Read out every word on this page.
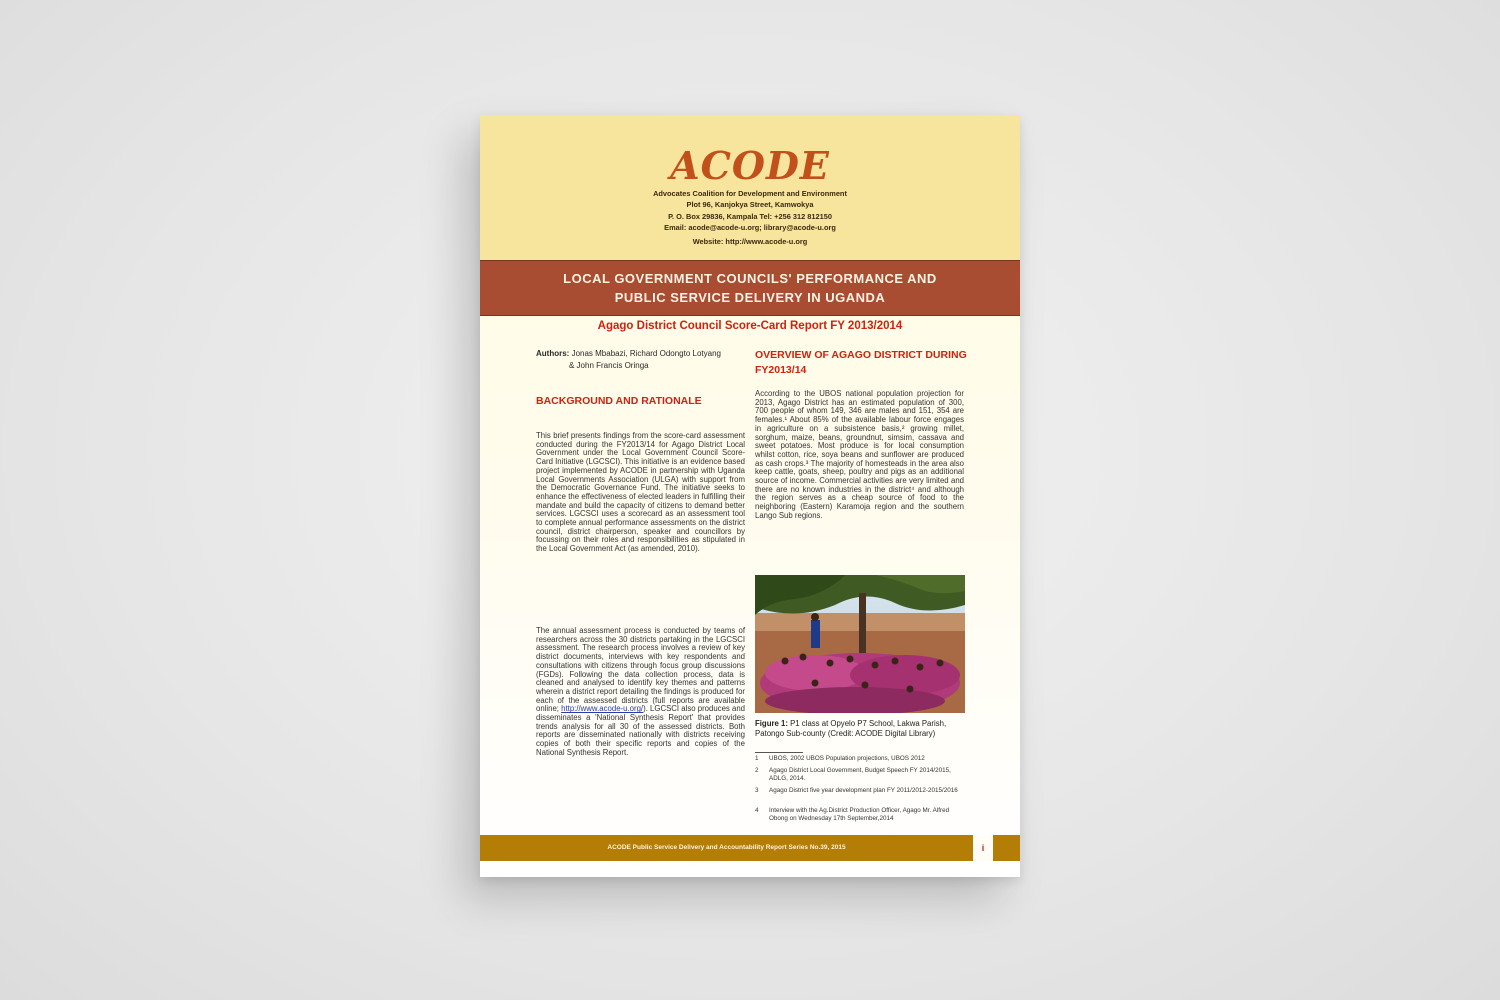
ACODE
Advocates Coalition for Development and Environment
Plot 96, Kanjokya Street, Kamwokya
P. O. Box 29836, Kampala Tel: +256 312 812150
Email: acode@acode-u.org; library@acode-u.org
Website: http://www.acode-u.org
LOCAL GOVERNMENT COUNCILS' PERFORMANCE AND
PUBLIC SERVICE DELIVERY IN UGANDA
Agago District Council Score-Card Report FY 2013/2014
Authors: Jonas Mbabazi, Richard Odongto Lotyang
& John Francis Oringa
BACKGROUND AND RATIONALE
This brief presents findings from the score-card assessment conducted during the FY2013/14 for Agago District Local Government under the Local Government Council Score-Card Initiative (LGCSCI). This initiative is an evidence based project implemented by ACODE in partnership with Uganda Local Governments Association (ULGA) with support from the Democratic Governance Fund. The initiative seeks to enhance the effectiveness of elected leaders in fulfilling their mandate and build the capacity of citizens to demand better services. LGCSCI uses a scorecard as an assessment tool to complete annual performance assessments on the district council, district chairperson, speaker and councillors by focussing on their roles and responsibilities as stipulated in the Local Government Act (as amended, 2010).
The annual assessment process is conducted by teams of researchers across the 30 districts partaking in the LGCSCI assessment. The research process involves a review of key district documents, interviews with key respondents and consultations with citizens through focus group discussions (FGDs). Following the data collection process, data is cleaned and analysed to identify key themes and patterns wherein a district report detailing the findings is produced for each of the assessed districts (full reports are available online; http://www.acode-u.org/). LGCSCI also produces and disseminates a 'National Synthesis Report' that provides trends analysis for all 30 of the assessed districts. Both reports are disseminated nationally with districts receiving copies of both their specific reports and copies of the National Synthesis Report.
OVERVIEW OF AGAGO DISTRICT DURING
FY2013/14
According to the UBOS national population projection for 2013, Agago District has an estimated population of 300, 700 people of whom 149, 346 are males and 151, 354 are females.¹ About 85% of the available labour force engages in agriculture on a subsistence basis,² growing millet, sorghum, maize, beans, groundnut, simsim, cassava and sweet potatoes. Most produce is for local consumption whilst cotton, rice, soya beans and sunflower are produced as cash crops.³ The majority of homesteads in the area also keep cattle, goats, sheep, poultry and pigs as an additional source of income. Commercial activities are very limited and there are no known industries in the district⁴ and although the region serves as a cheap source of food to the neighboring (Eastern) Karamoja region and the southern Lango Sub regions.
Figure 1: P1 class at Opyelo P7 School, Lakwa Parish, Patongo Sub-county (Credit: ACODE Digital Library)
1 UBOS, 2002 UBOS Population projections, UBOS 2012
2 Agago District Local Government, Budget Speech FY 2014/2015, ADLG, 2014.
3 Agago District five year development plan FY 2011/2012-2015/2016
4 Interview with the Ag.District Production Officer, Agago Mr. Alfred Obong on Wednesday 17th September,2014
ACODE Public Service Delivery and Accountability Report Series No.39, 2015	i
